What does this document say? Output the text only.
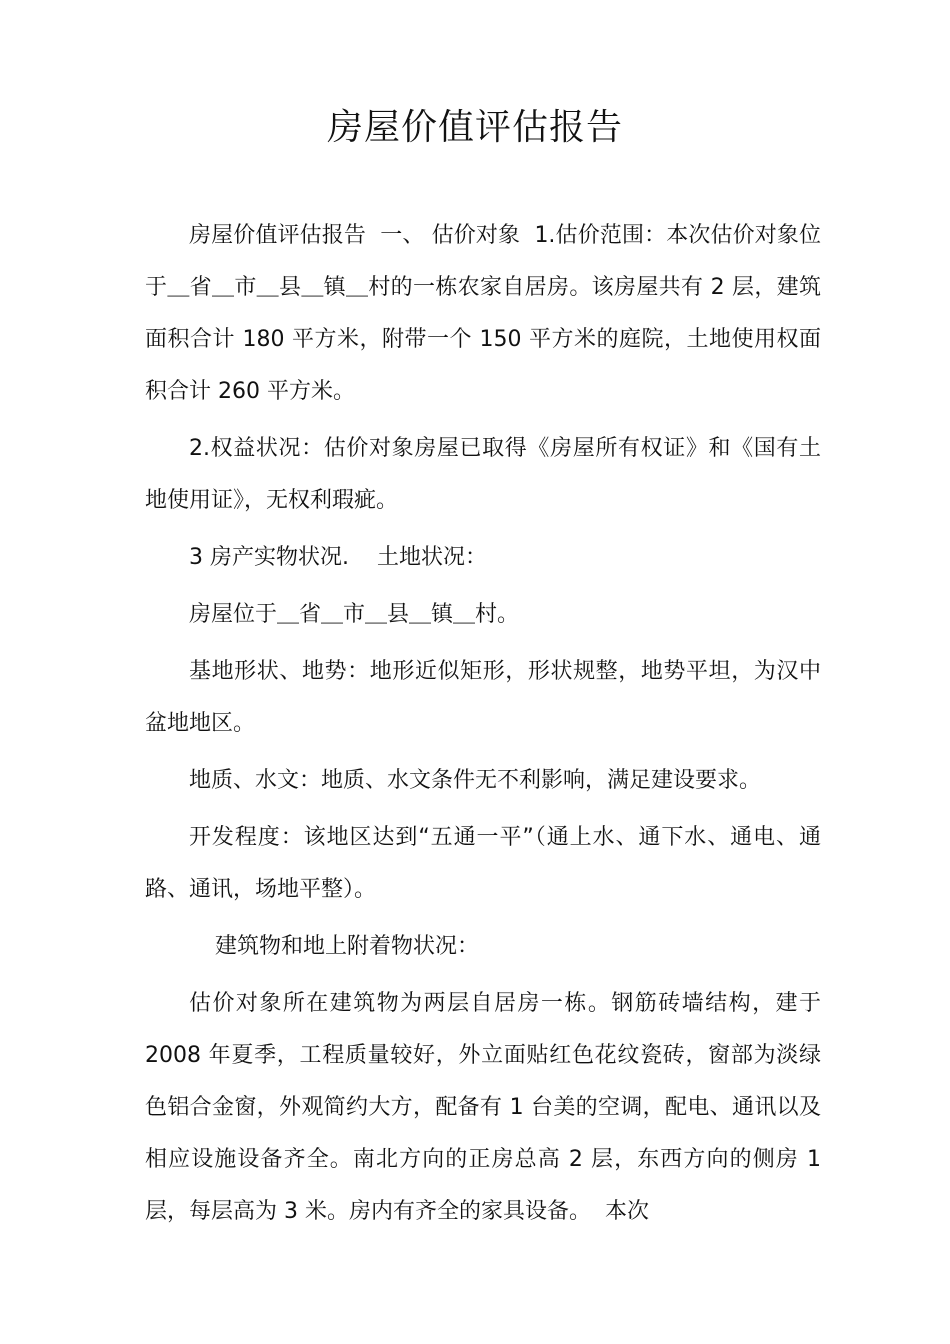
房屋价值评估报告

房屋价值评估报告  一、 估价对象  1.估价范围：本次估价对象位于＿省＿市＿县＿镇＿村的一栋农家自居房。该房屋共有 2 层，建筑面积合计 180 平方米，附带一个 150 平方米的庭院，土地使用权面积合计 260 平方米。

2.权益状况：估价对象房屋已取得《房屋所有权证》和《国有土地使用证》，无权利瑕疵。

3 房产实物状况.    土地状况：

房屋位于＿省＿市＿县＿镇＿村。

基地形状、地势：地形近似矩形，形状规整，地势平坦，为汉中盆地地区。

地质、水文：地质、水文条件无不利影响，满足建设要求。

开发程度：该地区达到“五通一平”（通上水、通下水、通电、通路、通讯，场地平整）。

建筑物和地上附着物状况：

估价对象所在建筑物为两层自居房一栋。钢筋砖墙结构，建于 2008 年夏季，工程质量较好，外立面贴红色花纹瓷砖，窗部为淡绿色铝合金窗，外观简约大方，配备有 1 台美的空调，配电、通讯以及相应设施设备齐全。南北方向的正房总高 2 层，东西方向的侧房 1 层，每层高为 3 米。房内有齐全的家具设备。  本次
